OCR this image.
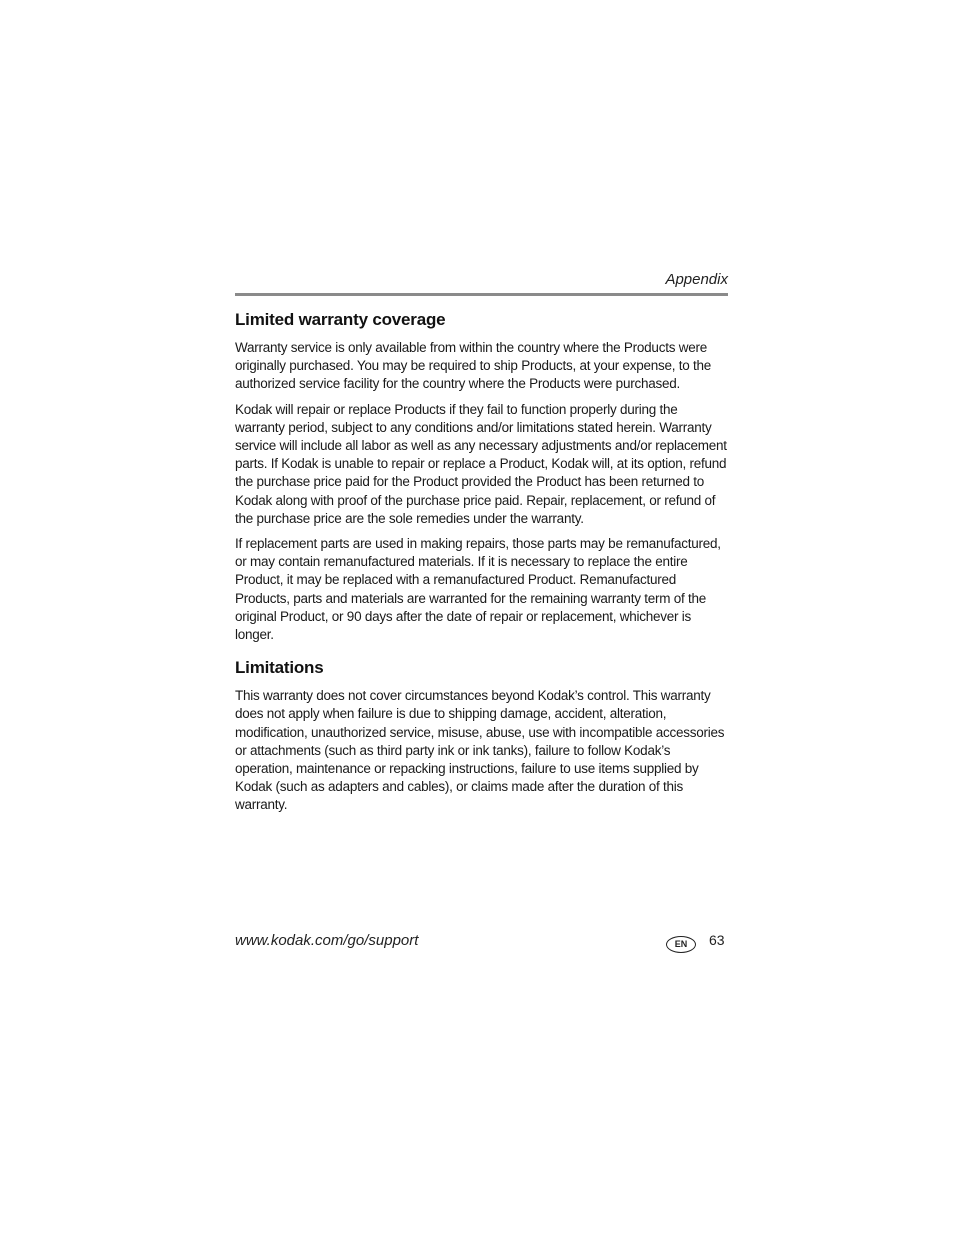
Appendix
Limited warranty coverage

Warranty service is only available from within the country where the Products were originally purchased. You may be required to ship Products, at your expense, to the authorized service facility for the country where the Products were purchased.

Kodak will repair or replace Products if they fail to function properly during the warranty period, subject to any conditions and/or limitations stated herein. Warranty service will include all labor as well as any necessary adjustments and/or replacement parts. If Kodak is unable to repair or replace a Product, Kodak will, at its option, refund the purchase price paid for the Product provided the Product has been returned to Kodak along with proof of the purchase price paid. Repair, replacement, or refund of the purchase price are the sole remedies under the warranty.

If replacement parts are used in making repairs, those parts may be remanufactured, or may contain remanufactured materials. If it is necessary to replace the entire Product, it may be replaced with a remanufactured Product. Remanufactured Products, parts and materials are warranted for the remaining warranty term of the original Product, or 90 days after the date of repair or replacement, whichever is longer.

Limitations

This warranty does not cover circumstances beyond Kodak’s control. This warranty does not apply when failure is due to shipping damage, accident, alteration, modification, unauthorized service, misuse, abuse, use with incompatible accessories or attachments (such as third party ink or ink tanks), failure to follow Kodak’s operation, maintenance or repacking instructions, failure to use items supplied by Kodak (such as adapters and cables), or claims made after the duration of this warranty.

www.kodak.com/go/support	EN	63
